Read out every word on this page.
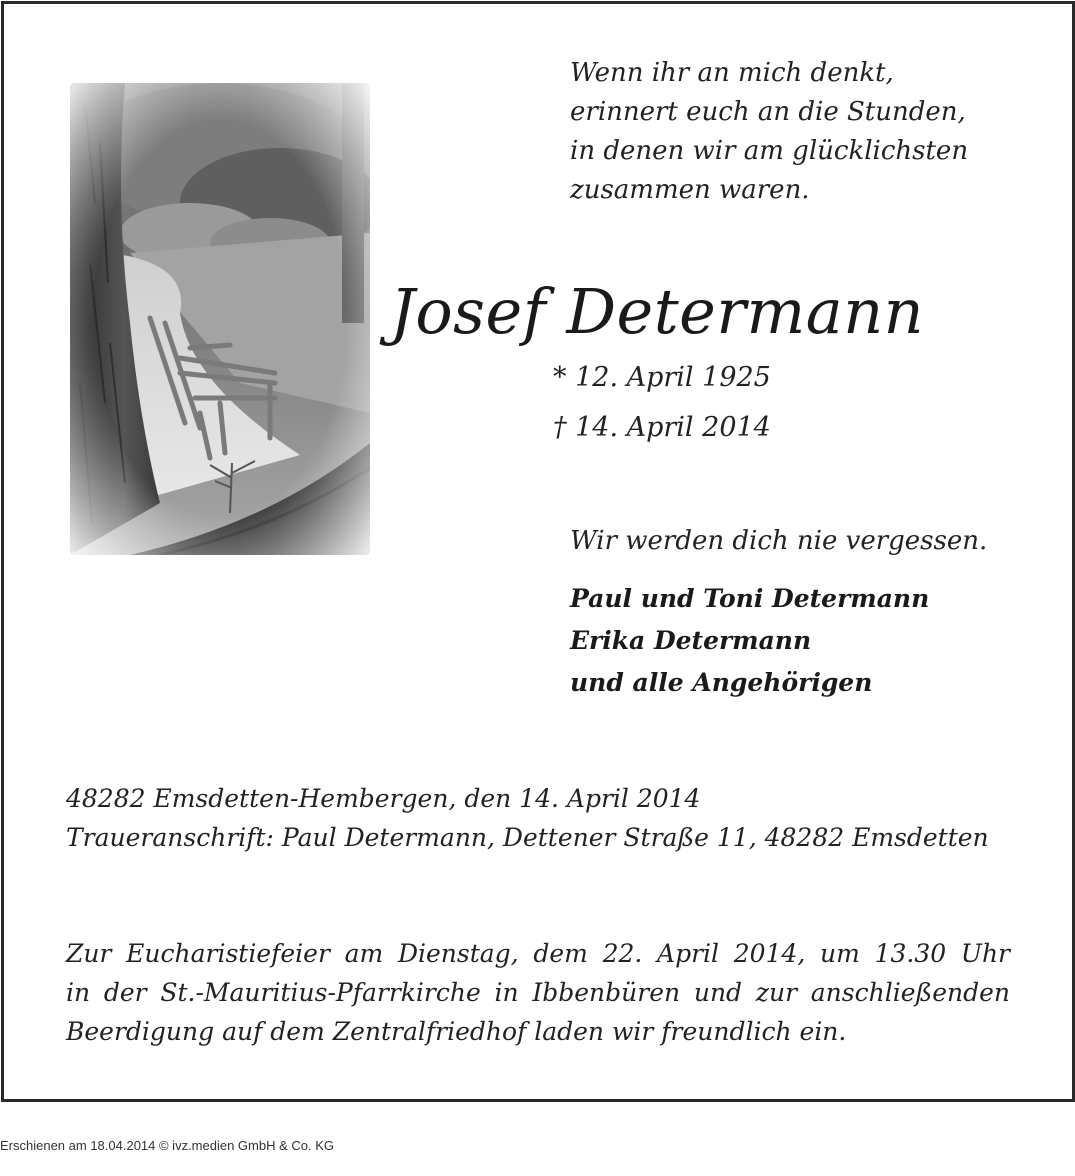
Wenn ihr an mich denkt,
erinnert euch an die Stunden,
in denen wir am glücklichsten
zusammen waren.
Josef Determann
* 12. April 1925
† 14. April 2014
Wir werden dich nie vergessen.
Paul und Toni Determann
Erika Determann
und alle Angehörigen
48282 Emsdetten-Hembergen, den 14. April 2014
Traueranschrift: Paul Determann, Dettener Straße 11, 48282 Emsdetten
Zur Eucharistiefeier am Dienstag, dem 22. April 2014, um 13.30 Uhr
in der St.-Mauritius-Pfarrkirche in Ibbenbüren und zur anschließenden
Beerdigung auf dem Zentralfriedhof laden wir freundlich ein.
Erschienen am 18.04.2014 © ivz.medien GmbH & Co. KG
